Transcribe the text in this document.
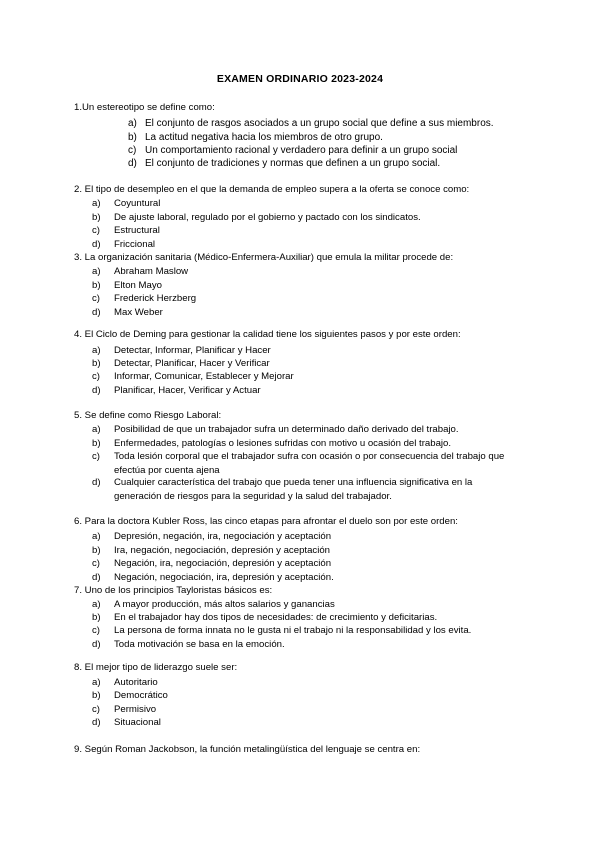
EXAMEN ORDINARIO 2023-2024
1.Un estereotipo se define como:
a) El conjunto de rasgos asociados a un grupo social que define a sus miembros.
b) La actitud negativa hacia los miembros de otro grupo.
c) Un comportamiento racional y verdadero para definir a un grupo social
d) El conjunto de tradiciones y normas que definen a un grupo social.
2. El tipo de desempleo en el que la demanda de empleo supera a la oferta se conoce como:
a) Coyuntural
b) De ajuste laboral, regulado por el gobierno y pactado con los sindicatos.
c) Estructural
d) Friccional
3. La organización sanitaria (Médico-Enfermera-Auxiliar) que emula la militar procede de:
a) Abraham Maslow
b) Elton Mayo
c) Frederick Herzberg
d) Max Weber
4. El Ciclo de Deming para gestionar la calidad tiene los siguientes pasos y por este orden:
a) Detectar, Informar, Planificar y Hacer
b) Detectar, Planificar, Hacer y Verificar
c) Informar, Comunicar, Establecer y Mejorar
d) Planificar, Hacer, Verificar y Actuar
5. Se define como Riesgo Laboral:
a) Posibilidad de que un trabajador sufra un determinado daño derivado del trabajo.
b) Enfermedades, patologías o lesiones sufridas con motivo u ocasión del trabajo.
c) Toda lesión corporal que el trabajador sufra con ocasión o por consecuencia del trabajo que
efectúa por cuenta ajena
d) Cualquier característica del trabajo que pueda tener una influencia significativa en la
generación de riesgos para la seguridad y la salud del trabajador.
6. Para la doctora Kubler Ross, las cinco etapas para afrontar el duelo son por este orden:
a) Depresión, negación, ira, negociación y aceptación
b) Ira, negación, negociación, depresión y aceptación
c) Negación, ira, negociación, depresión y aceptación
d) Negación, negociación, ira, depresión y aceptación.
7. Uno de los principios Tayloristas básicos es:
a) A mayor producción, más altos salarios y ganancias
b) En el trabajador hay dos tipos de necesidades: de crecimiento y deficitarias.
c) La persona de forma innata no le gusta ni el trabajo ni la responsabilidad y los evita.
d) Toda motivación se basa en la emoción.
8. El mejor tipo de liderazgo suele ser:
a) Autoritario
b) Democrático
c) Permisivo
d) Situacional
9. Según Roman Jackobson, la función metalingüística del lenguaje se centra en:
